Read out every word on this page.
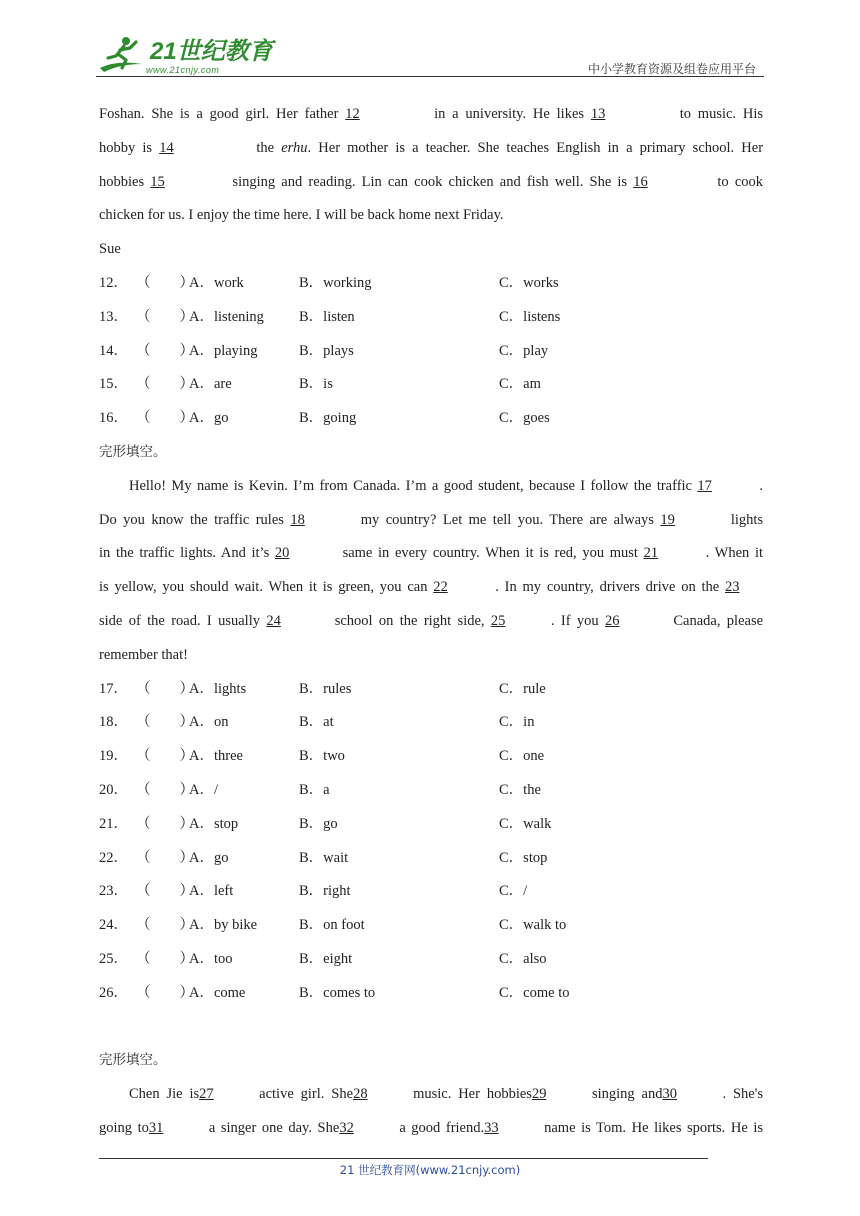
21世纪教育
www.21cnjy.com	中小学教育资源及组卷应用平台
Foshan. She is a good girl. Her father 12	in a university. He likes 13	to music. His
hobby is 14	the erhu. Her mother is a teacher. She teaches English in a primary school. Her
hobbies 15	singing and reading. Lin can cook chicken and fish well. She is 16	to cook
chicken for us. I enjoy the time here. I will be back home next Friday.
Sue
12． （　　）
A．work	B．working	C．works
13． （　　）
A．listening B．listen	C．listens
14． （　　）
A．playing	B．plays	C．play
15． （　　）
A．are	B．is	C．am
16． （　　）
A．go	B．going	C．goes
完形填空。
Hello! My name is Kevin. I’m from Canada. I’m a good student, because I follow the traffic 17	.
Do you know the traffic rules 18	my country? Let me tell you. There are always 19	lights
in the traffic lights. And it’s 20	same in every country. When it is red, you must 21	. When it
is yellow, you should wait. When it is green, you can 22	. In my country, drivers drive on the 23
side of the road. I usually 24	school on the right side, 25	. If you 26	Canada, please
remember that!
17． （　　）
A．lights	B．rules	C．rule
18． （　　）
A．on	B．at	C．in
19． （　　）
A．three	B．two	C．one
20． （　　）
A．/	B．a	C．the
21． （　　）
A．stop	B．go	C．walk
22． （　　）
A．go	B．wait	C．stop
23． （　　）
A．left	B．right	C．/
24． （　　）
A．by bike	B．on foot	C．walk to
25． （　　）
A．too	B．eight	C．also
26． （　　）
A．come	B．comes to	C．come to
完形填空。
Chen Jie is27	active girl. She28	music. Her hobbies29	singing and30	. She's
going to31	a singer one day. She32	a good friend.33	name is Tom. He likes sports. He is
21 世纪教育网(www.21cnjy.com)
